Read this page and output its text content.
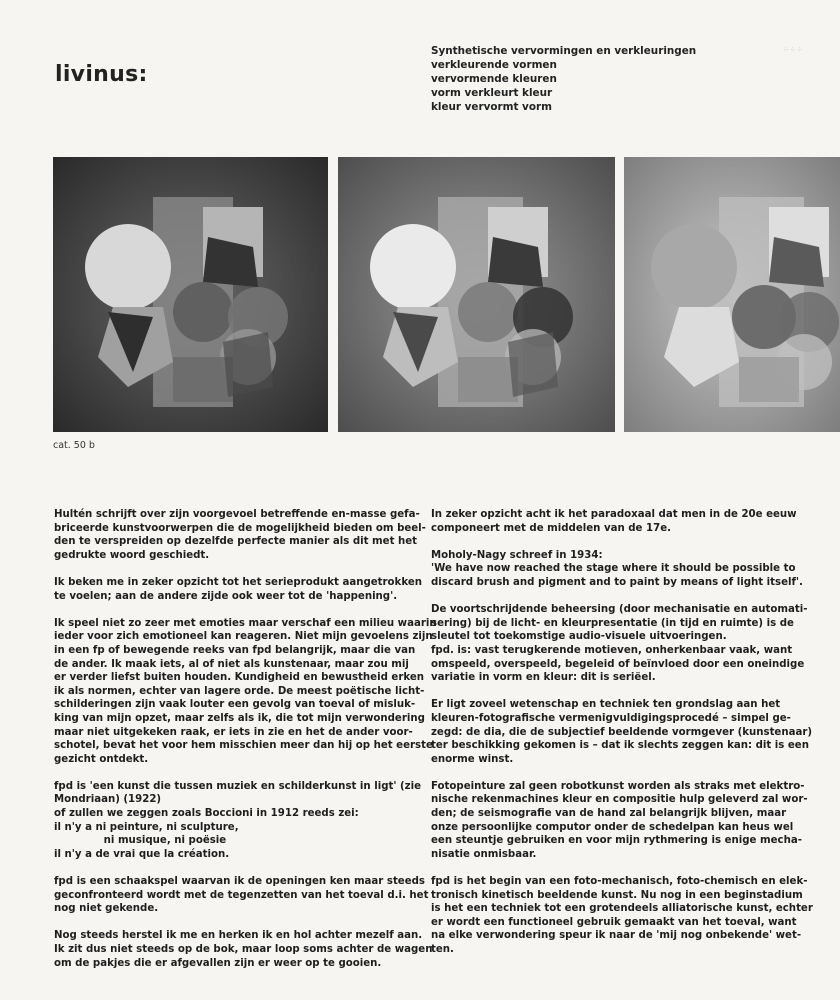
livinus:
Synthetische vervormingen en verkleuringen
verkleurende vormen
vervormende kleuren
vorm verkleurt kleur
kleur vervormt vorm
⁘⁘⁘
cat. 50 b

Hultén schrijft over zijn voorgevoel betreffende en-masse gefa-
briceerde kunstvoorwerpen die de mogelijkheid bieden om beel-
den te verspreiden op dezelfde perfecte manier als dit met het
gedrukte woord geschiedt.

Ik beken me in zeker opzicht tot het serieprodukt aangetrokken
te voelen; aan de andere zijde ook weer tot de 'happening'.

Ik speel niet zo zeer met emoties maar verschaf een milieu waarin
ieder voor zich emotioneel kan reageren. Niet mijn gevoelens zijn
in een fp of bewegende reeks van fpd belangrijk, maar die van
de ander. Ik maak iets, al of niet als kunstenaar, maar zou mij
er verder liefst buiten houden. Kundigheid en bewustheid erken
ik als normen, echter van lagere orde. De meest poëtische licht-
schilderingen zijn vaak louter een gevolg van toeval of misluk-
king van mijn opzet, maar zelfs als ik, die tot mijn verwondering
maar niet uitgekeken raak, er iets in zie en het de ander voor-
schotel, bevat het voor hem misschien meer dan hij op het eerste
gezicht ontdekt.

fpd is 'een kunst die tussen muziek en schilderkunst in ligt' (zie
Mondriaan) (1922)
of zullen we zeggen zoals Boccioni in 1912 reeds zei:
il n'y a ni peinture, ni sculpture,
ni musique, ni poësie
il n'y a de vrai que la création.

fpd is een schaakspel waarvan ik de openingen ken maar steeds
geconfronteerd wordt met de tegenzetten van het toeval d.i. het
nog niet gekende.

Nog steeds herstel ik me en herken ik en hol achter mezelf aan.
Ik zit dus niet steeds op de bok, maar loop soms achter de wagen
om de pakjes die er afgevallen zijn er weer op te gooien.

In zeker opzicht acht ik het paradoxaal dat men in de 20e eeuw
componeert met de middelen van de 17e.

Moholy-Nagy schreef in 1934:
'We have now reached the stage where it should be possible to
discard brush and pigment and to paint by means of light itself'.

De voortschrijdende beheersing (door mechanisatie en automati-
sering) bij de licht- en kleurpresentatie (in tijd en ruimte) is de
sleutel tot toekomstige audio-visuele uitvoeringen.
fpd. is: vast terugkerende motieven, onherkenbaar vaak, want
omspeeld, overspeeld, begeleid of beïnvloed door een oneindige
variatie in vorm en kleur: dit is seriëel.

Er ligt zoveel wetenschap en techniek ten grondslag aan het
kleuren-fotografische vermenigvuldigingsprocedé – simpel ge-
zegd: de dia, die de subjectief beeldende vormgever (kunstenaar)
ter beschikking gekomen is – dat ik slechts zeggen kan: dit is een
enorme winst.

Fotopeinture zal geen robotkunst worden als straks met elektro-
nische rekenmachines kleur en compositie hulp geleverd zal wor-
den; de seismografie van de hand zal belangrijk blijven, maar
onze persoonlijke computor onder de schedelpan kan heus wel
een steuntje gebruiken en voor mijn rythmering is enige mecha-
nisatie onmisbaar.

fpd is het begin van een foto-mechanisch, foto-chemisch en elek-
tronisch kinetisch beeldende kunst. Nu nog in een beginstadium
is het een techniek tot een grotendeels alliatorische kunst, echter
er wordt een functioneel gebruik gemaakt van het toeval, want
na elke verwondering speur ik naar de 'mij nog onbekende' wet-
ten.
